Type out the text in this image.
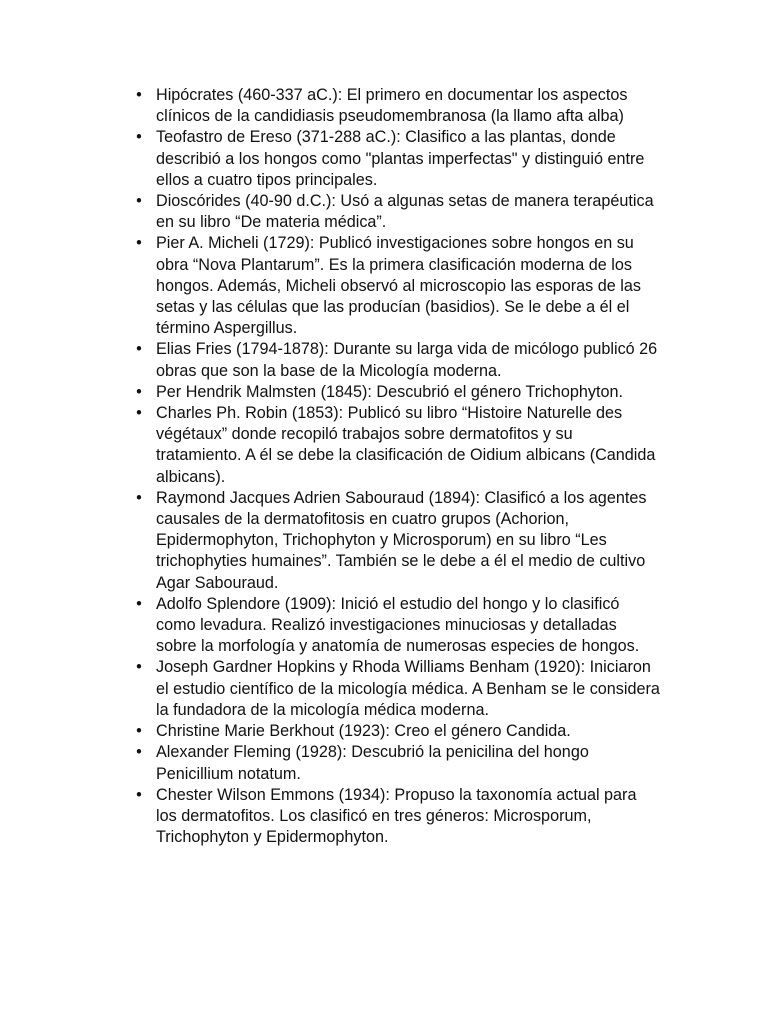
• Hipócrates (460-337 aC.): El primero en documentar los aspectos clínicos de la candidiasis pseudomembranosa (la llamo afta alba)
• Teofastro de Ereso (371-288 aC.): Clasifico a las plantas, donde describió a los hongos como "plantas imperfectas" y distinguió entre ellos a cuatro tipos principales.
• Dioscórides (40-90 d.C.): Usó a algunas setas de manera terapéutica en su libro “De materia médica”.
• Pier A. Micheli (1729): Publicó investigaciones sobre hongos en su obra “Nova Plantarum”. Es la primera clasificación moderna de los hongos. Además, Micheli observó al microscopio las esporas de las setas y las células que las producían (basidios). Se le debe a él el término Aspergillus.
• Elias Fries (1794-1878): Durante su larga vida de micólogo publicó 26 obras que son la base de la Micología moderna.
• Per Hendrik Malmsten (1845): Descubrió el género Trichophyton.
• Charles Ph. Robin (1853): Publicó su libro “Histoire Naturelle des végétaux” donde recopiló trabajos sobre dermatofitos y su tratamiento. A él se debe la clasificación de Oidium albicans (Candida albicans).
• Raymond Jacques Adrien Sabouraud (1894): Clasificó a los agentes causales de la dermatofitosis en cuatro grupos (Achorion, Epidermophyton, Trichophyton y Microsporum) en su libro “Les trichophyties humaines”. También se le debe a él el medio de cultivo Agar Sabouraud.
• Adolfo Splendore (1909): Inició el estudio del hongo y lo clasificó como levadura. Realizó investigaciones minuciosas y detalladas sobre la morfología y anatomía de numerosas especies de hongos.
• Joseph Gardner Hopkins y Rhoda Williams Benham (1920): Iniciaron el estudio científico de la micología médica. A Benham se le considera la fundadora de la micología médica moderna.
• Christine Marie Berkhout (1923): Creo el género Candida.
• Alexander Fleming (1928): Descubrió la penicilina del hongo Penicillium notatum.
• Chester Wilson Emmons (1934): Propuso la taxonomía actual para los dermatofitos. Los clasificó en tres géneros: Microsporum, Trichophyton y Epidermophyton.
